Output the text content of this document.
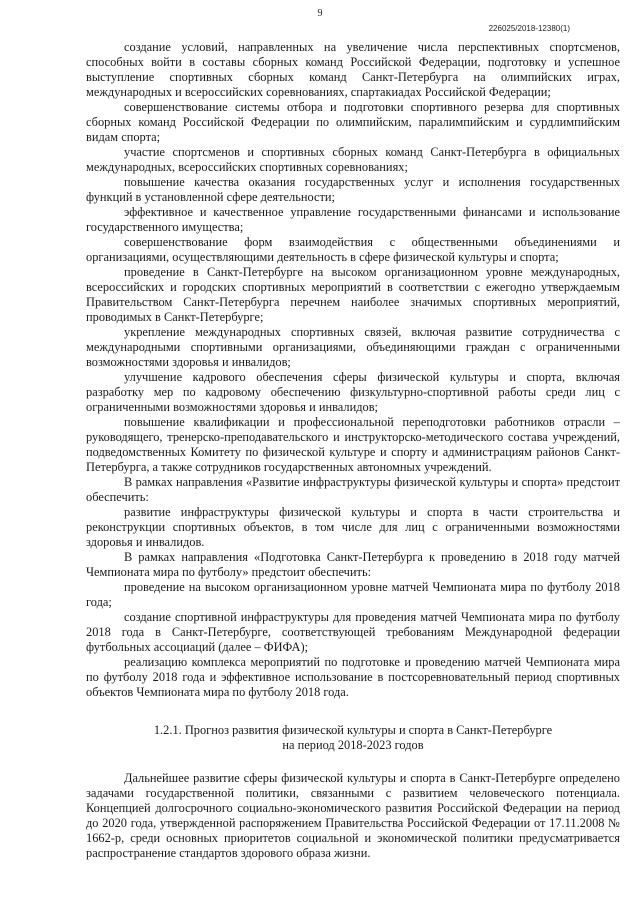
9
226025/2018-12380(1)

создание условий, направленных на увеличение числа перспективных спортсменов, способных войти в составы сборных команд Российской Федерации, подготовку и успешное выступление спортивных сборных команд Санкт-Петербурга на олимпийских играх, международных и всероссийских соревнованиях, спартакиадах Российской Федерации;

совершенствование системы отбора и подготовки спортивного резерва для спортивных сборных команд Российской Федерации по олимпийским, паралимпийским и сурдлимпийским видам спорта;

участие спортсменов и спортивных сборных команд Санкт-Петербурга в официальных международных, всероссийских спортивных соревнованиях;

повышение качества оказания государственных услуг и исполнения государственных функций в установленной сфере деятельности;

эффективное и качественное управление государственными финансами и использование государственного имущества;

совершенствование форм взаимодействия с общественными объединениями и организациями, осуществляющими деятельность в сфере физической культуры и спорта;

проведение в Санкт-Петербурге на высоком организационном уровне международных, всероссийских и городских спортивных мероприятий в соответствии с ежегодно утверждаемым Правительством Санкт-Петербурга перечнем наиболее значимых спортивных мероприятий, проводимых в Санкт-Петербурге;

укрепление международных спортивных связей, включая развитие сотрудничества с международными спортивными организациями, объединяющими граждан с ограниченными возможностями здоровья и инвалидов;

улучшение кадрового обеспечения сферы физической культуры и спорта, включая разработку мер по кадровому обеспечению физкультурно-спортивной работы среди лиц с ограниченными возможностями здоровья и инвалидов;

повышение квалификации и профессиональной переподготовки работников отрасли – руководящего, тренерско-преподавательского и инструкторско-методического состава учреждений, подведомственных Комитету по физической культуре и спорту и администрациям районов Санкт-Петербурга, а также сотрудников государственных автономных учреждений.

В рамках направления «Развитие инфраструктуры физической культуры и спорта» предстоит обеспечить:

развитие инфраструктуры физической культуры и спорта в части строительства и реконструкции спортивных объектов, в том числе для лиц с ограниченными возможностями здоровья и инвалидов.

В рамках направления «Подготовка Санкт-Петербурга к проведению в 2018 году матчей Чемпионата мира по футболу» предстоит обеспечить:

проведение на высоком организационном уровне матчей Чемпионата мира по футболу 2018 года;

создание спортивной инфраструктуры для проведения матчей Чемпионата мира по футболу 2018 года в Санкт-Петербурге, соответствующей требованиям Международной федерации футбольных ассоциаций (далее – ФИФА);

реализацию комплекса мероприятий по подготовке и проведению матчей Чемпионата мира по футболу 2018 года и эффективное использование в постсоревновательный период спортивных объектов Чемпионата мира по футболу 2018 года.

1.2.1. Прогноз развития физической культуры и спорта в Санкт-Петербурге
на период 2018-2023 годов

Дальнейшее развитие сферы физической культуры и спорта в Санкт-Петербурге определено задачами государственной политики, связанными с развитием человеческого потенциала. Концепцией долгосрочного социально-экономического развития Российской Федерации на период до 2020 года, утвержденной распоряжением Правительства Российской Федерации от 17.11.2008 № 1662-р, среди основных приоритетов социальной и экономической политики предусматривается распространение стандартов здорового образа жизни.
